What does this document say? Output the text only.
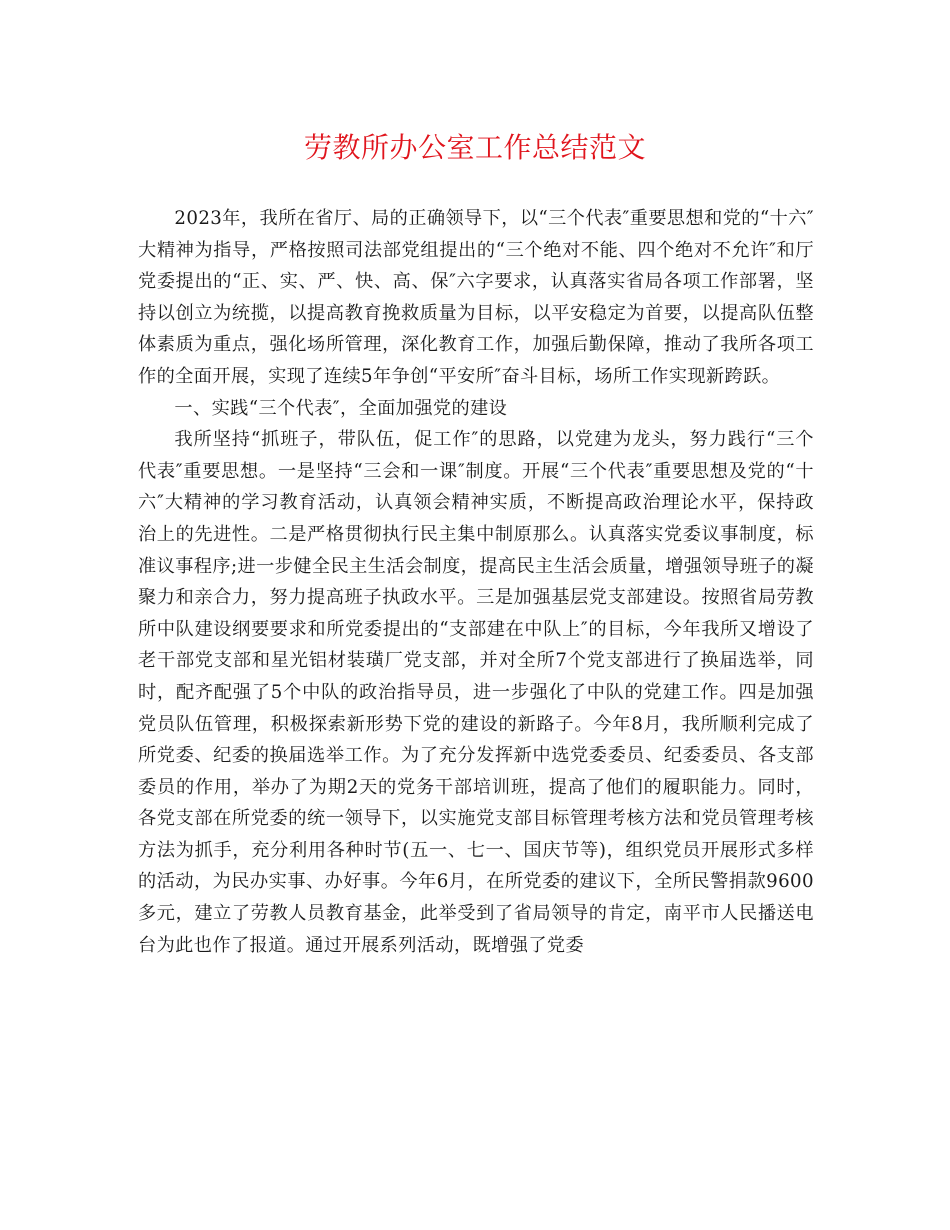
劳教所办公室工作总结范文

2023年，我所在省厅、局的正确领导下，以“三个代表″重要思想和党的“十六″大精神为指导，严格按照司法部党组提出的“三个绝对不能、四个绝对不允许″和厅党委提出的“正、实、严、快、高、保″六字要求，认真落实省局各项工作部署，坚持以创立为统揽，以提高教育挽救质量为目标，以平安稳定为首要，以提高队伍整体素质为重点，强化场所管理，深化教育工作，加强后勤保障，推动了我所各项工作的全面开展，实现了连续5年争创“平安所″奋斗目标，场所工作实现新跨跃。

一、实践“三个代表″，全面加强党的建设

我所坚持“抓班子，带队伍，促工作″的思路，以党建为龙头，努力践行“三个代表″重要思想。一是坚持“三会和一课″制度。开展“三个代表″重要思想及党的“十六″大精神的学习教育活动，认真领会精神实质，不断提高政治理论水平，保持政治上的先进性。二是严格贯彻执行民主集中制原那么。认真落实党委议事制度，标准议事程序;进一步健全民主生活会制度，提高民主生活会质量，增强领导班子的凝聚力和亲合力，努力提高班子执政水平。三是加强基层党支部建设。按照省局劳教所中队建设纲要要求和所党委提出的“支部建在中队上″的目标，今年我所又增设了老干部党支部和星光铝材装璜厂党支部，并对全所7个党支部进行了换届选举，同时，配齐配强了5个中队的政治指导员，进一步强化了中队的党建工作。四是加强党员队伍管理，积极探索新形势下党的建设的新路子。今年8月，我所顺利完成了所党委、纪委的换届选举工作。为了充分发挥新中选党委委员、纪委委员、各支部委员的作用，举办了为期2天的党务干部培训班，提高了他们的履职能力。同时，各党支部在所党委的统一领导下，以实施党支部目标管理考核方法和党员管理考核方法为抓手，充分利用各种时节(五一、七一、国庆节等)，组织党员开展形式多样的活动，为民办实事、办好事。今年6月，在所党委的建议下，全所民警捐款9600多元，建立了劳教人员教育基金，此举受到了省局领导的肯定，南平市人民播送电台为此也作了报道。通过开展系列活动，既增强了党委
